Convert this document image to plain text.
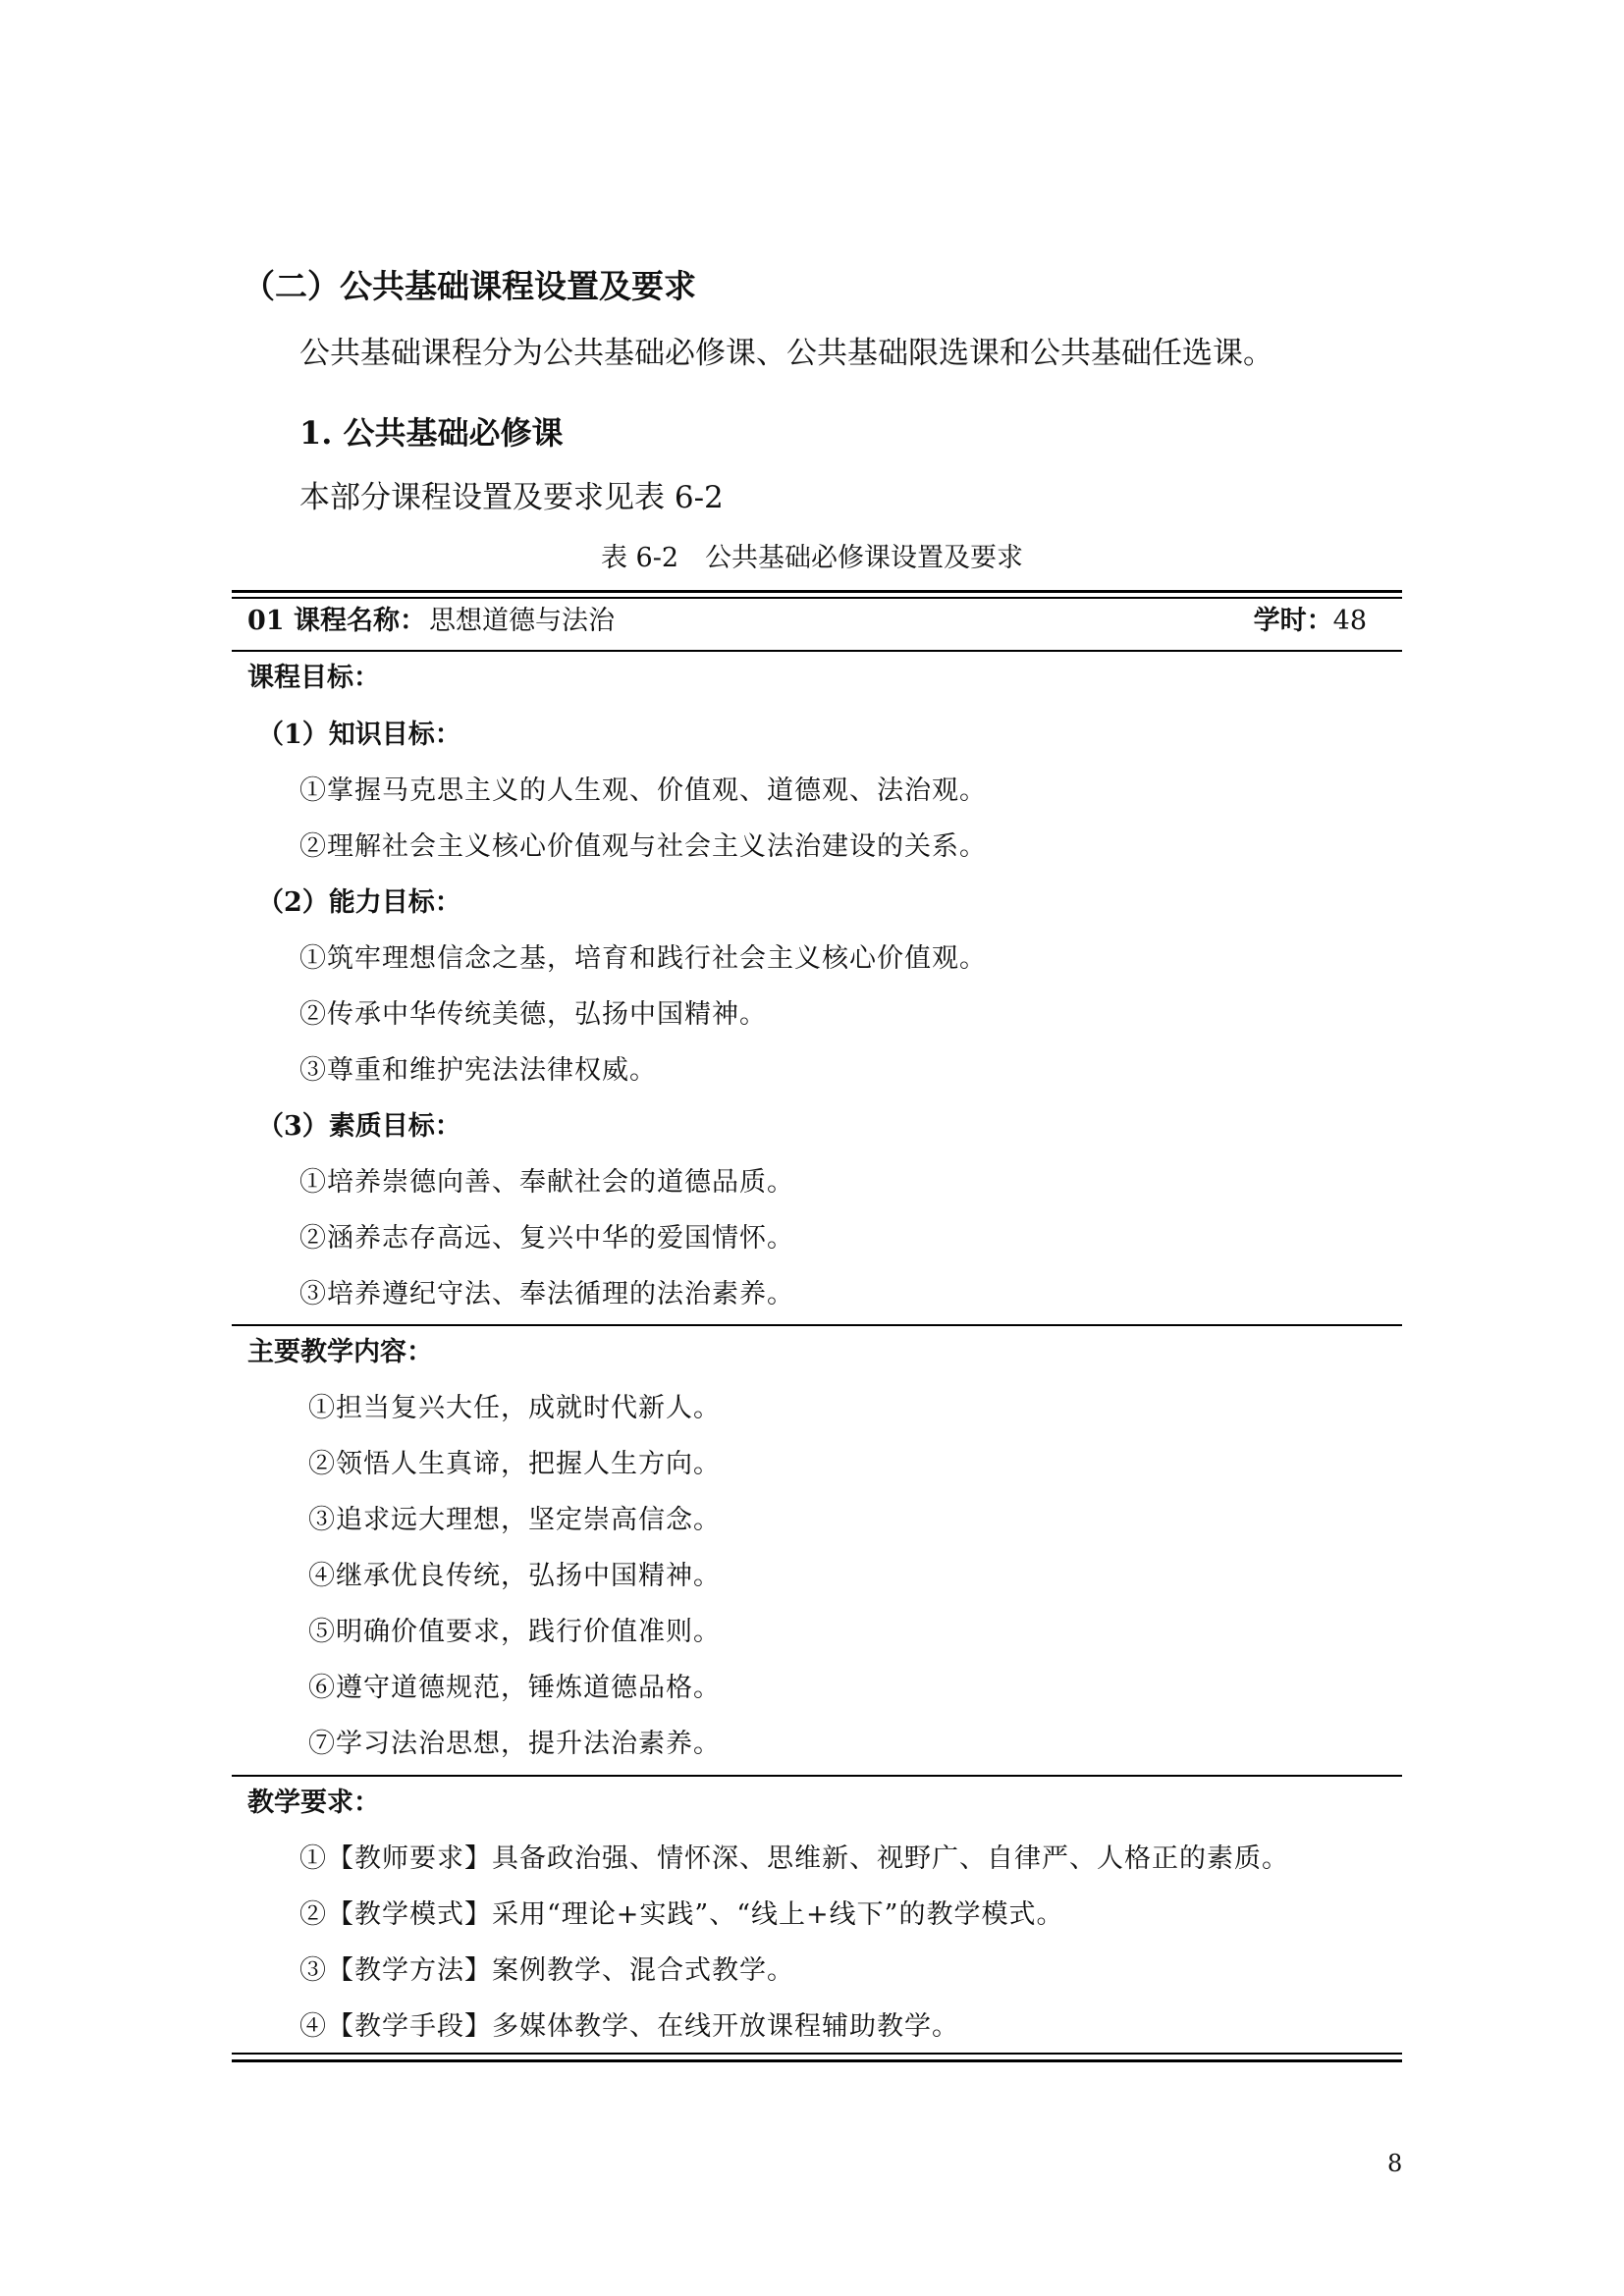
（二）公共基础课程设置及要求
公共基础课程分为公共基础必修课、公共基础限选课和公共基础任选课。
1. 公共基础必修课
本部分课程设置及要求见表 6-2
表 6-2　公共基础必修课设置及要求
01 课程名称： 思想道德与法治	学时：48
课程目标：
（1）知识目标：
①掌握马克思主义的人生观、价值观、道德观、法治观。
②理解社会主义核心价值观与社会主义法治建设的关系。
（2）能力目标：
①筑牢理想信念之基，培育和践行社会主义核心价值观。
②传承中华传统美德，弘扬中国精神。
③尊重和维护宪法法律权威。
（3）素质目标：
①培养崇德向善、奉献社会的道德品质。
②涵养志存高远、复兴中华的爱国情怀。
③培养遵纪守法、奉法循理的法治素养。
主要教学内容：
①担当复兴大任，成就时代新人。
②领悟人生真谛，把握人生方向。
③追求远大理想，坚定崇高信念。
④继承优良传统，弘扬中国精神。
⑤明确价值要求，践行价值准则。
⑥遵守道德规范，锤炼道德品格。
⑦学习法治思想，提升法治素养。
教学要求：
①【教师要求】具备政治强、情怀深、思维新、视野广、自律严、人格正的素质。
②【教学模式】采用“理论+实践”、“线上+线下”的教学模式。
③【教学方法】案例教学、混合式教学。
④【教学手段】多媒体教学、在线开放课程辅助教学。
8
